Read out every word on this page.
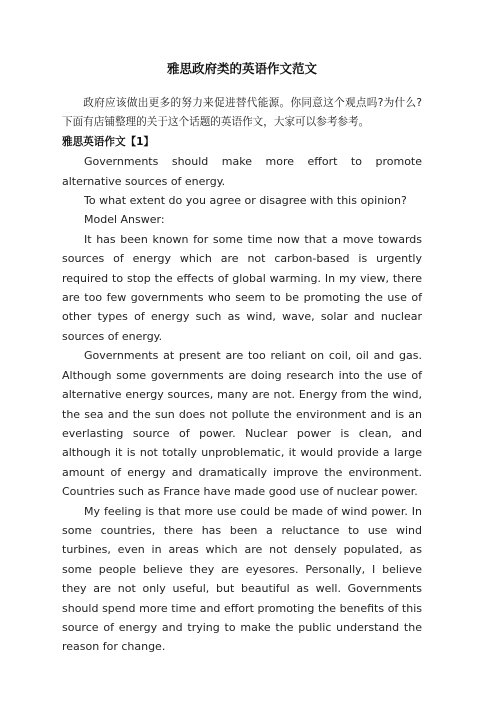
雅思政府类的英语作文范文

政府应该做出更多的努力来促进替代能源。你同意这个观点吗?为什么?下面有店铺整理的关于这个话题的英语作文，大家可以参考参考。

雅思英语作文【1】

Governments should make more effort to promote alternative sources of energy.

To what extent do you agree or disagree with this opinion?

Model Answer:

It has been known for some time now that a move towards sources of energy which are not carbon-based is urgently required to stop the effects of global warming. In my view, there are too few governments who seem to be promoting the use of other types of energy such as wind, wave, solar and nuclear sources of energy.

Governments at present are too reliant on coil, oil and gas. Although some governments are doing research into the use of alternative energy sources, many are not. Energy from the wind, the sea and the sun does not pollute the environment and is an everlasting source of power. Nuclear power is clean, and although it is not totally unproblematic, it would provide a large amount of energy and dramatically improve the environment. Countries such as France have made good use of nuclear power.

My feeling is that more use could be made of wind power. In some countries, there has been a reluctance to use wind turbines, even in areas which are not densely populated, as some people believe they are eyesores. Personally, I believe they are not only useful, but beautiful as well. Governments should spend more time and effort promoting the benefits of this source of energy and trying to make the public understand the reason for change.
